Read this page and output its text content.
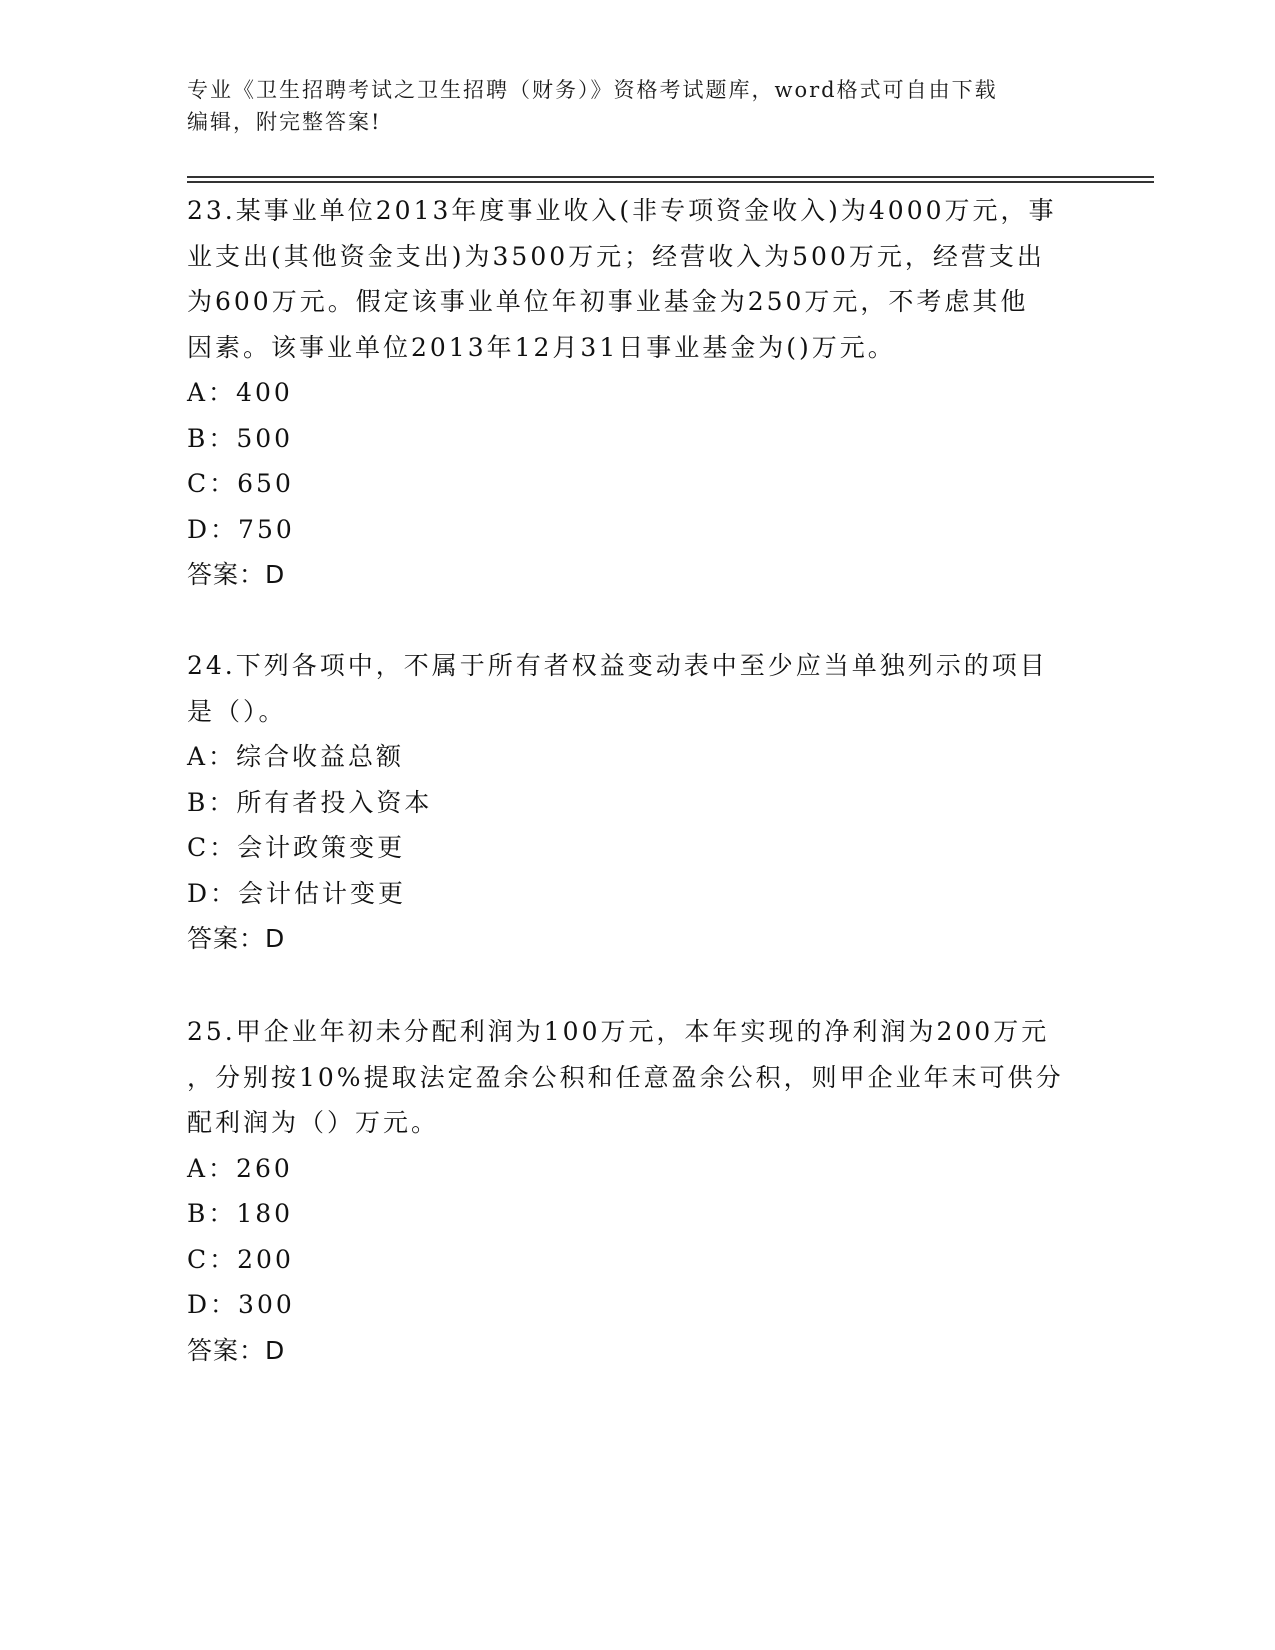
专业《卫生招聘考试之卫生招聘（财务）》资格考试题库，word格式可自由下载
编辑，附完整答案!
23.某事业单位2013年度事业收入(非专项资金收入)为4000万元，事
业支出(其他资金支出)为3500万元；经营收入为500万元，经营支出
为600万元。假定该事业单位年初事业基金为250万元，不考虑其他
因素。该事业单位2013年12月31日事业基金为()万元。
A：400
B：500
C：650
D：750
答案：D
24.下列各项中，不属于所有者权益变动表中至少应当单独列示的项目
是（）。
A：综合收益总额
B：所有者投入资本
C：会计政策变更
D：会计估计变更
答案：D
25.甲企业年初未分配利润为100万元，本年实现的净利润为200万元
，分别按10%提取法定盈余公积和任意盈余公积，则甲企业年末可供分
配利润为（）万元。
A：260
B：180
C：200
D：300
答案：D
